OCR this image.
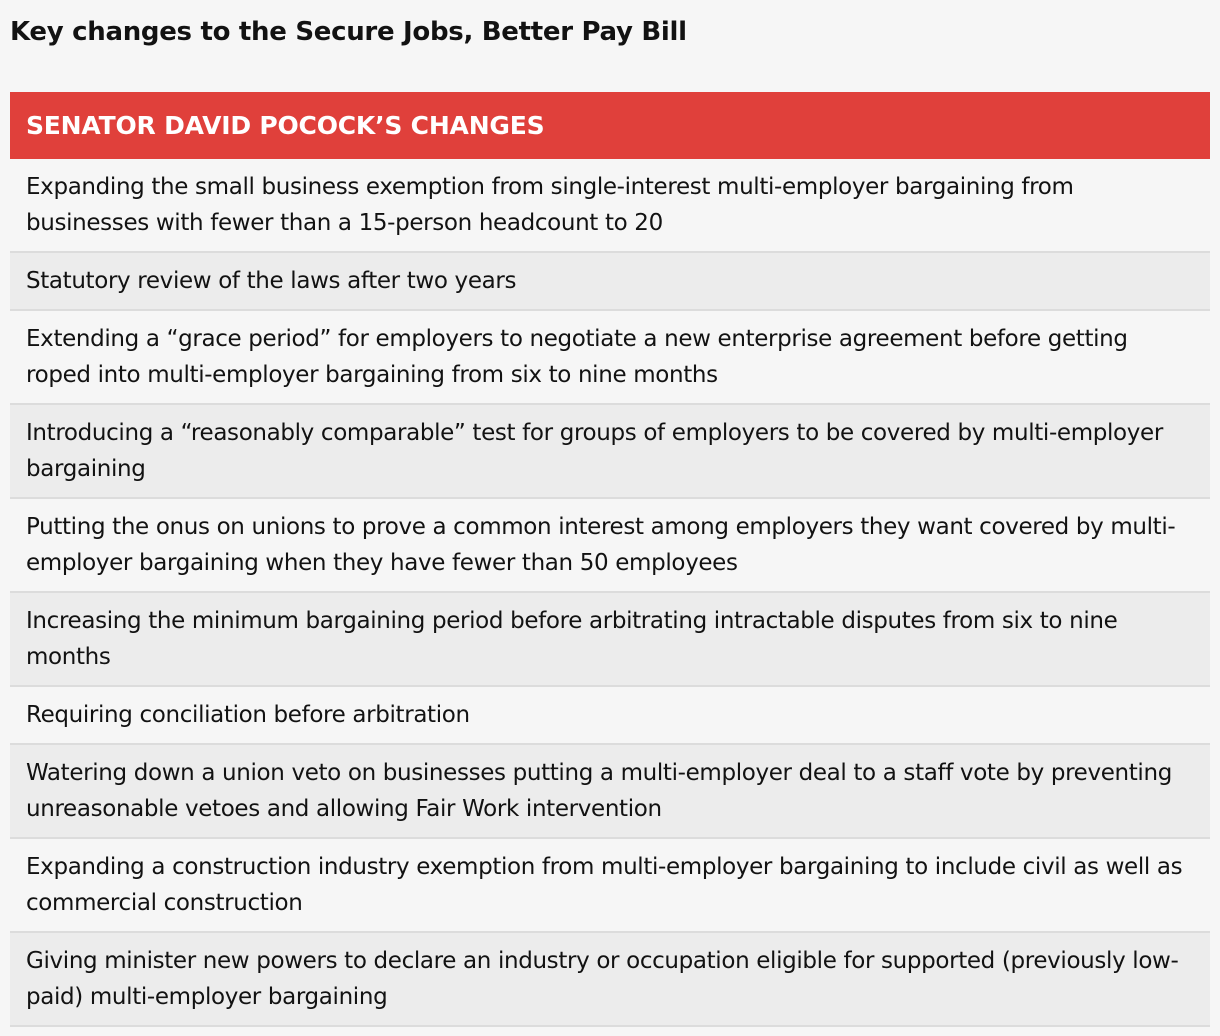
Key changes to the Secure Jobs, Better Pay Bill
SENATOR DAVID POCOCK’S CHANGES
Expanding the small business exemption from single-interest multi-employer bargaining from businesses with fewer than a 15-person headcount to 20
Statutory review of the laws after two years
Extending a “grace period” for employers to negotiate a new enterprise agreement before getting roped into multi-employer bargaining from six to nine months
Introducing a “reasonably comparable” test for groups of employers to be covered by multi-employer bargaining
Putting the onus on unions to prove a common interest among employers they want covered by multi-employer bargaining when they have fewer than 50 employees
Increasing the minimum bargaining period before arbitrating intractable disputes from six to nine months
Requiring conciliation before arbitration
Watering down a union veto on businesses putting a multi-employer deal to a staff vote by preventing unreasonable vetoes and allowing Fair Work intervention
Expanding a construction industry exemption from multi-employer bargaining to include civil as well as commercial construction
Giving minister new powers to declare an industry or occupation eligible for supported (previously low-paid) multi-employer bargaining
